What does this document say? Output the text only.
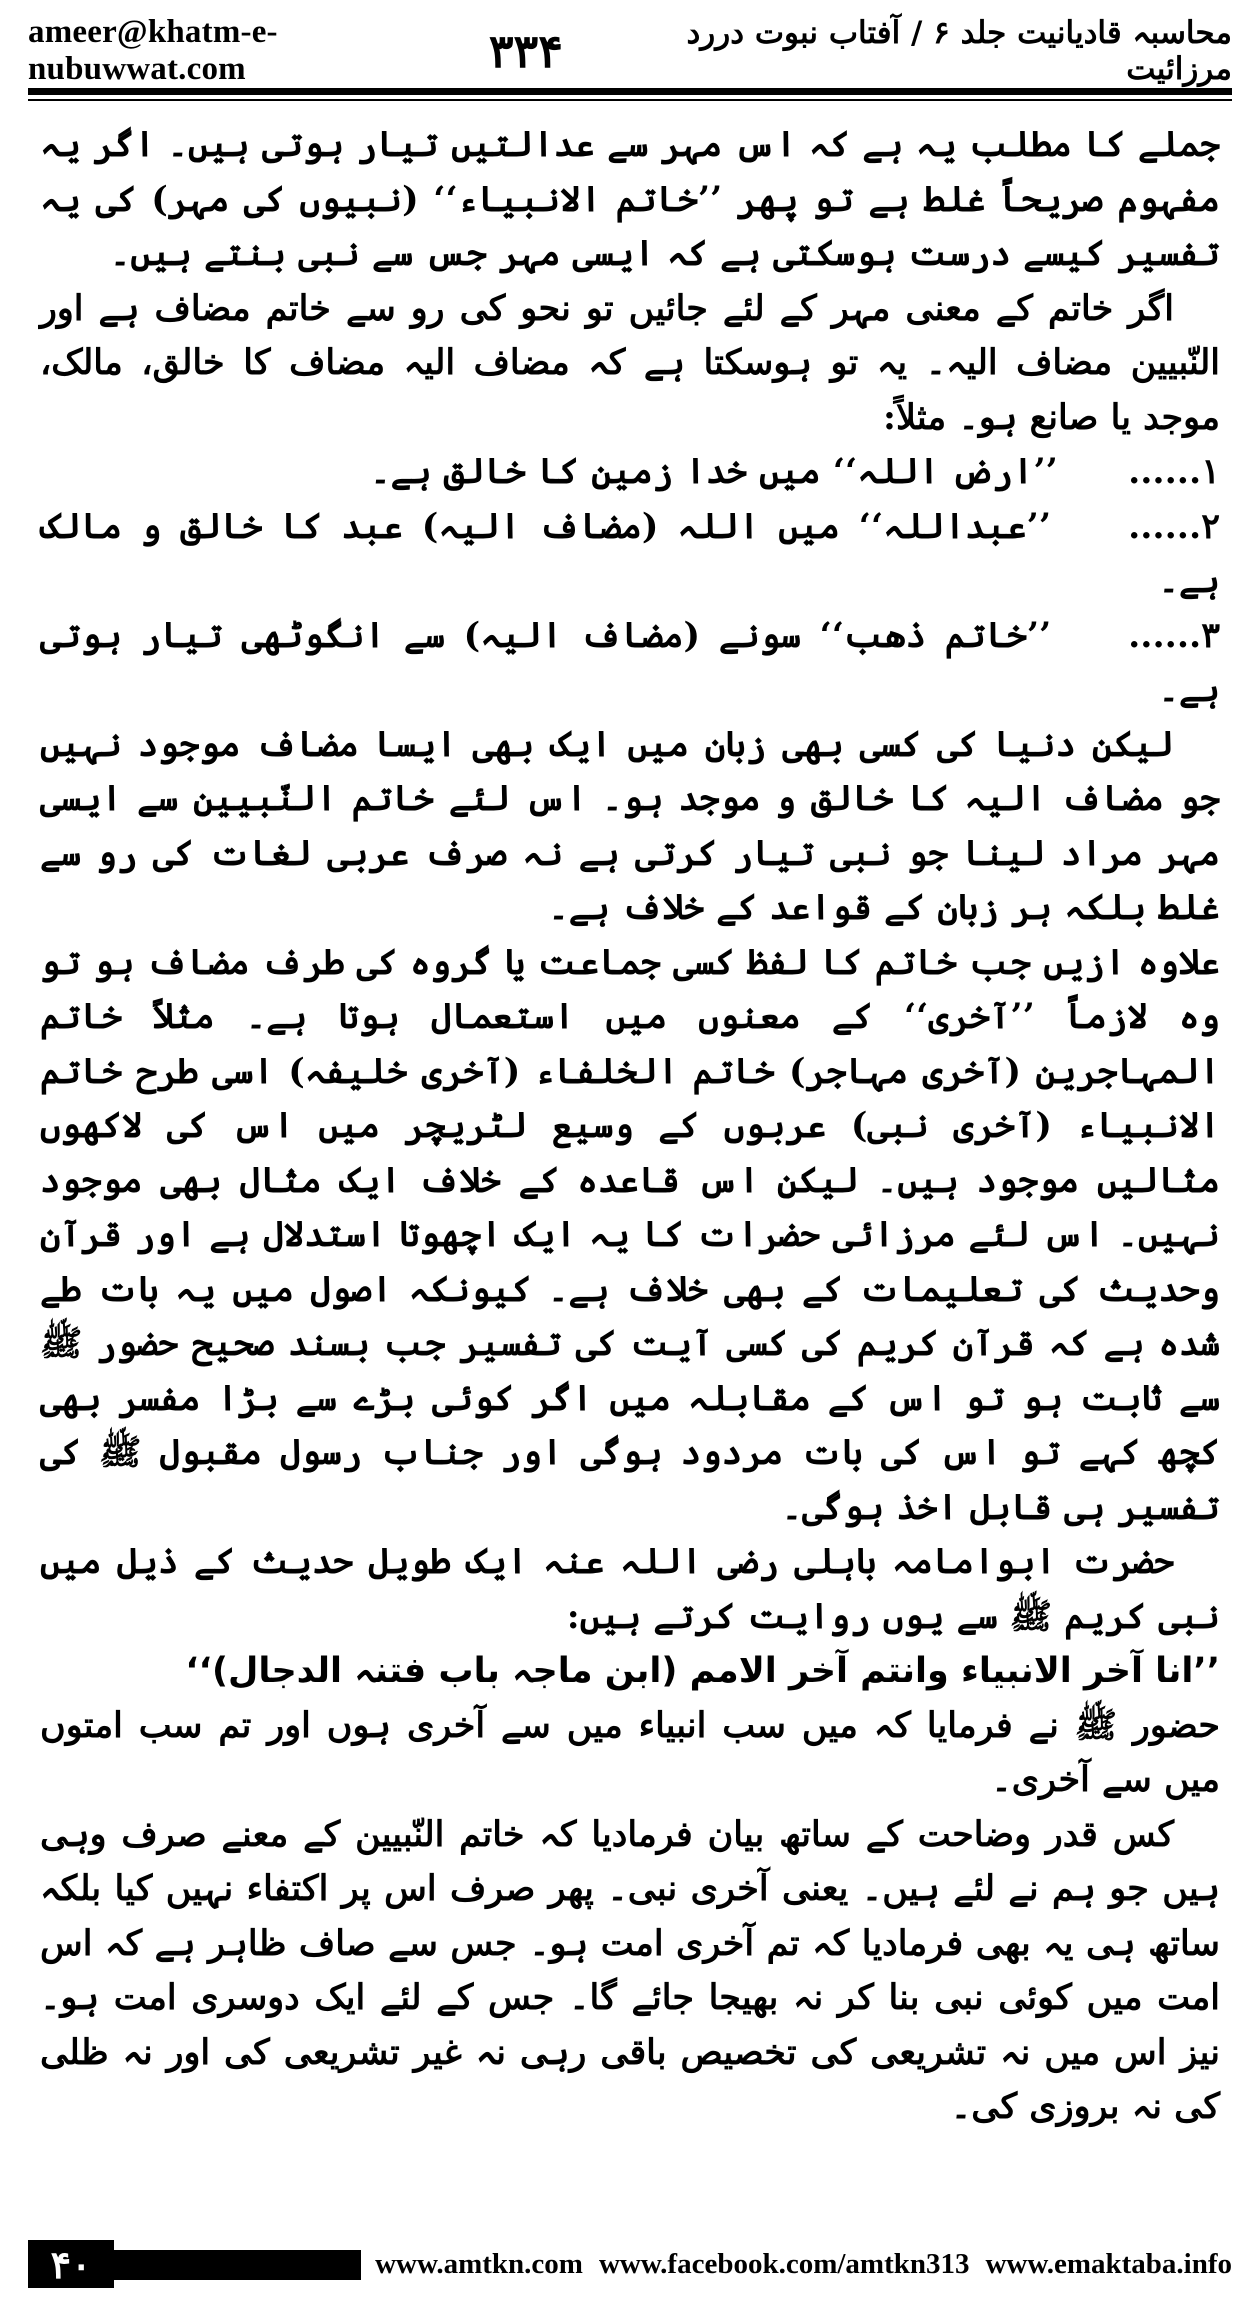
ameer@khatm-e-nubuwwat.com
محاسبہ قادیانیت جلد ۶ / آفتاب نبوت دررد مرزائیت
۳۳۴

جملے کا مطلب یہ ہے کہ اس مہر سے عدالتیں تیار ہوتی ہیں۔ اگر یہ مفہوم صریحاً غلط ہے تو پھر ’’خاتم الانبیاء‘‘ (نبیوں کی مہر) کی یہ تفسیر کیسے درست ہوسکتی ہے کہ ایسی مہر جس سے نبی بنتے ہیں۔

اگر خاتم کے معنی مہر کے لئے جائیں تو نحو کی رو سے خاتم مضاف ہے اور النّبیین مضاف الیہ۔ یہ تو ہوسکتا ہے کہ مضاف الیہ مضاف کا خالق، مالک، موجد یا صانع ہو۔ مثلاً:

۱...... ’’ارض اللہ‘‘ میں خدا زمین کا خالق ہے۔

۲...... ’’عبداللہ‘‘ میں اللہ (مضاف الیہ) عبد کا خالق و مالک ہے۔

۳...... ’’خاتم ذھب‘‘ سونے (مضاف الیہ) سے انگوٹھی تیار ہوتی ہے۔

لیکن دنیا کی کسی بھی زبان میں ایک بھی ایسا مضاف موجود نہیں جو مضاف الیہ کا خالق و موجد ہو۔ اس لئے خاتم النّبیین سے ایسی مہر مراد لینا جو نبی تیار کرتی ہے نہ صرف عربی لغات کی رو سے غلط بلکہ ہر زبان کے قواعد کے خلاف ہے۔

علاوہ ازیں جب خاتم کا لفظ کسی جماعت یا گروہ کی طرف مضاف ہو تو وہ لازماً ’’آخری‘‘ کے معنوں میں استعمال ہوتا ہے۔ مثلاً خاتم المہاجرین (آخری مہاجر) خاتم الخلفاء (آخری خلیفہ) اسی طرح خاتم الانبیاء (آخری نبی) عربوں کے وسیع لٹریچر میں اس کی لاکھوں مثالیں موجود ہیں۔ لیکن اس قاعدہ کے خلاف ایک مثال بھی موجود نہیں۔ اس لئے مرزائی حضرات کا یہ ایک اچھوتا استدلال ہے اور قرآن وحدیث کی تعلیمات کے بھی خلاف ہے۔ کیونکہ اصول میں یہ بات طے شدہ ہے کہ قرآن کریم کی کسی آیت کی تفسیر جب بسند صحیح حضور ﷺ سے ثابت ہو تو اس کے مقابلہ میں اگر کوئی بڑے سے بڑا مفسر بھی کچھ کہے تو اس کی بات مردود ہوگی اور جناب رسول مقبول ﷺ کی تفسیر ہی قابل اخذ ہوگی۔

حضرت ابوامامہ باہلی رضی اللہ عنہ ایک طویل حدیث کے ذیل میں نبی کریم ﷺ سے یوں روایت کرتے ہیں:

’’انا آخر الانبیاء وانتم آخر الامم (ابن ماجہ باب فتنہ الدجال)‘‘

حضور ﷺ نے فرمایا کہ میں سب انبیاء میں سے آخری ہوں اور تم سب امتوں میں سے آخری۔

کس قدر وضاحت کے ساتھ بیان فرمادیا کہ خاتم النّبیین کے معنے صرف وہی ہیں جو ہم نے لئے ہیں۔ یعنی آخری نبی۔ پھر صرف اس پر اکتفاء نہیں کیا بلکہ ساتھ ہی یہ بھی فرمادیا کہ تم آخری امت ہو۔ جس سے صاف ظاہر ہے کہ اس امت میں کوئی نبی بنا کر نہ بھیجا جائے گا۔ جس کے لئے ایک دوسری امت ہو۔ نیز اس میں نہ تشریعی کی تخصیص باقی رہی نہ غیر تشریعی کی اور نہ ظلی کی نہ بروزی کی۔

۴۰	www.amtkn.com www.facebook.com/amtkn313 www.emaktaba.info
